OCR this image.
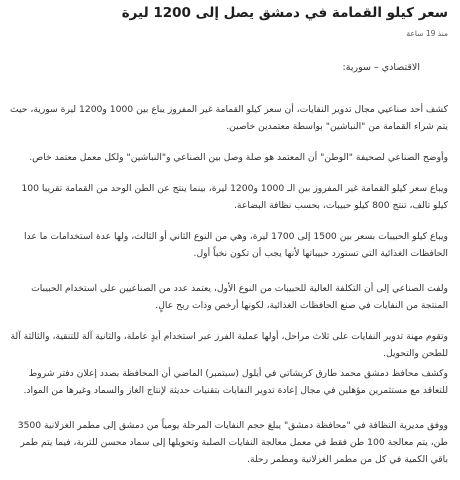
سعر كيلو القمامة في دمشق يصل إلى 1200 ليرة
منذ 19 ساعة
الاقتصادي – سورية:

كشف أحد صناعيي مجال تدوير النفايات، أن سعر كيلو القمامة غير المفروز يباع بين 1000 و1200 ليرة سورية، حيث يتم شراء القمامة من "النباشين" بواسطة معتمدين خاصين.

وأوضح الصناعي لصحيفة "الوطن" أن المعتمد هو صلة وصل بين الصناعي و"النباشين" ولكل معمل معتمد خاص.

ويباع سعر كيلو القمامة غير المفروز بين الـ 1000 و1200 ليرة، بينما ينتج عن الطن الوحد من القمامة تقريبا 100 كيلو تالف، تنتج 800 كيلو حبيبات، بحسب نظافة البضاعة.

ويباع كيلو الحبيبات بسعر بين 1500 إلى 1700 ليرة، وهي من النوع الثاني أو الثالث، ولها عدة استخدامات ما عدا الحافظات الغذائية التي تستورد حبيباتها لأنها يجب أن تكون نخباً أول.

ولفت الصناعي إلى أن التكلفة العالية للحبيبات من النوع الأول، يعتمد عدد من الصناعيين على استخدام الحبيبات المنتجة من النفايات في صنع الحافظات الغذائية، لكونها أرخص وذات ربح عالٍ.

وتقوم مهنة تدوير النفايات على ثلاث مراحل، أولها عملية الفرز عبر استخدام أيدٍ عاملة، والثانية آلة للتنقية، والثالثة آلة للطحن والتحويل.

وكشف محافظ دمشق محمد طارق كريشاتي في أيلول (سبتمبر) الماضي أن المحافظة بصدد إعلان دفتر شروط للتعاقد مع مستثمرين مؤهلين في مجال إعادة تدوير النفايات بتقنيات حديثة لإنتاج الغاز والسماد وغيرها من المواد.

ووفق مديرية النظافة في "محافظة دمشق" يبلغ حجم النفايات المرحلة يومياً من دمشق إلى مطمر الغزلانية 3500 طن، يتم معالجة 100 طن فقط في معمل معالجة النفايات الصلبة وتحويلها إلى سماد محسن للتربة، فيما يتم طمر باقي الكمية في كل من مطمر الغزلانية ومطمر رحلة.
